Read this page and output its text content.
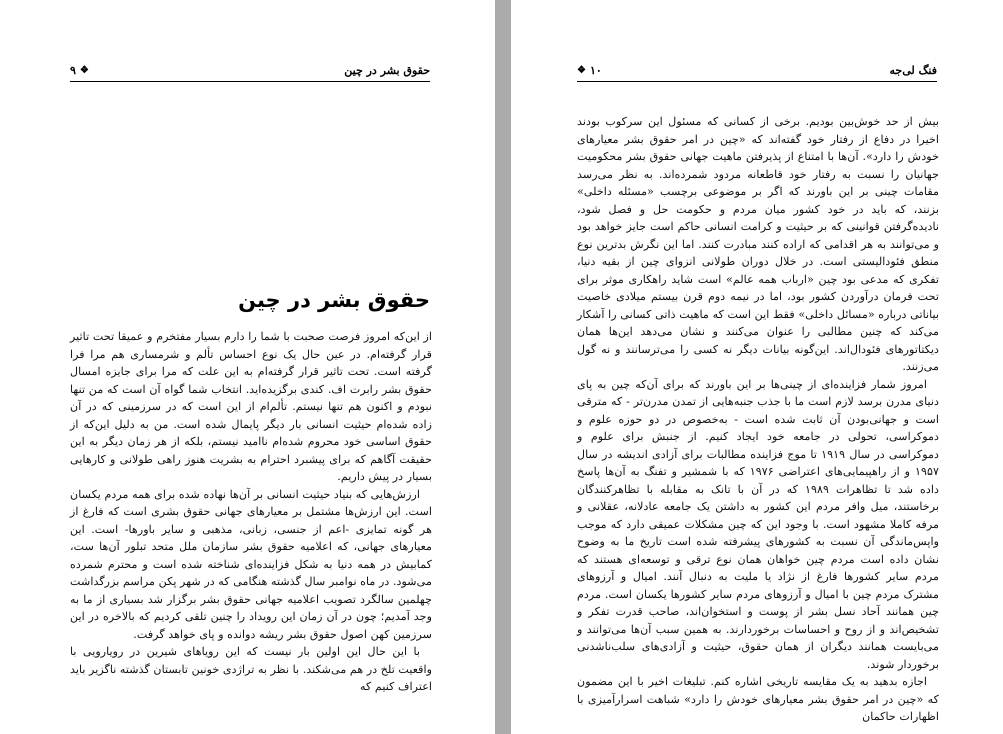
حقوق بشر در چین
۹ ❖
حقوق بشر در چین

از این‌که امروز فرصت صحبت با شما را دارم بسیار مفتخرم و عمیقا تحت تاثیر قرار گرفته‌ام. در عین حال یک نوع احساس تألم و شرمساری هم مرا فرا گرفته است. تحت تاثیر قرار گرفته‌ام به این علت که مرا برای جایزه امسال حقوق بشر رابرت اف. کندی برگزیده‌اید. انتخاب شما گواه آن است که من تنها نبودم و اکنون هم تنها نیستم. تألم‌ام از این است که در سرزمینی که در آن زاده شده‌ام حیثیت انسانی بار دیگر پایمال شده است. من به دلیل این‌که از حقوق اساسی خود محروم شده‌ام ناامید نیستم، بلکه از هر زمان دیگر به این حقیقت آگاهم که برای پیشبرد احترام به بشریت هنوز راهی طولانی و کارهایی بسیار در پیش داریم.

ارزش‌هایی که بنیاد حیثیت انسانی بر آن‌ها نهاده شده برای همه مردم یکسان است. این ارزش‌ها مشتمل بر معیارهای جهانی حقوق بشری است که فارغ از هر گونه تمایزی -اعم از جنسی، زبانی، مذهبی و سایر باورها- است. این معیارهای جهانی، که اعلامیه حقوق بشر سازمان ملل متحد تبلور آن‌ها ست، کمابیش در همه دنیا به شکل فزاینده‌ای شناخته شده است و محترم شمرده می‌شود. در ماه نوامبر سال گذشته هنگامی که در شهر پکن مراسم بزرگداشت چهلمین سالگرد تصویب اعلامیه جهانی حقوق بشر برگزار شد بسیاری از ما به وجد آمدیم؛ چون در آن زمان این رویداد را چنین تلقی کردیم که بالاخره در این سرزمین کهن اصول حقوق بشر ریشه دوانده و پای خواهد گرفت.

با این حال این اولین بار نیست که این رویاهای شیرین در رویارویی با واقعیت تلخ در هم می‌شکند. با نظر به تراژدی خونین تابستان گذشته ناگزیر باید اعتراف کنیم که

فنگ لی‌جه
❖ ۱۰

بیش از حد خوش‌بین بودیم. برخی از کسانی که مسئول این سرکوب بودند اخیرا در دفاع از رفتار خود گفته‌اند که «چین در امر حقوق بشر معیارهای خودش را دارد». آن‌ها با امتناع از پذیرفتن ماهیت جهانی حقوق بشر محکومیت جهانیان را نسبت به رفتار خود قاطعانه مردود شمرده‌اند. به نظر می‌رسد مقامات چینی بر این باورند که اگر بر موضوعی برچسب «مسئله داخلی» بزنند، که باید در خود کشور میان مردم و حکومت حل و فصل شود، نادیده‌گرفتن قوانینی که بر حیثیت و کرامت انسانی حاکم است جایز خواهد بود و می‌توانند به هر اقدامی که اراده کنند مبادرت کنند. اما این نگرش بدترین نوع منطق فئودالیستی است. در خلال دوران طولانی انزوای چین از بقیه دنیا، تفکری که مدعی بود چین «ارباب همه عالم» است شاید راهکاری موثر برای تحت فرمان درآوردن کشور بود، اما در نیمه دوم قرن بیستم میلادی خاصیت بیاناتی درباره «مسائل داخلی» فقط این است که ماهیت ذاتی کسانی را آشکار می‌کند که چنین مطالبی را عنوان می‌کنند و نشان می‌دهد این‌ها همان دیکتاتورهای فئودال‌اند. این‌گونه بیانات دیگر نه کسی را می‌ترسانند و نه گول می‌زنند.

امروز شمار فزاینده‌ای از چینی‌ها بر این باورند که برای آن‌که چین به پای دنیای مدرن برسد لازم است ما با جذب جنبه‌هایی از تمدن مدرن‌تر - که مترقی است و جهانی‌بودن آن ثابت شده است - به‌خصوص در دو حوزه علوم و دموکراسی، تحولی در جامعه خود ایجاد کنیم. از جنبش برای علوم و دموکراسی در سال ۱۹۱۹ تا موج فزاینده مطالبات برای آزادی اندیشه در سال ۱۹۵۷ و از راهپیمایی‌های اعتراضی ۱۹۷۶ که با شمشیر و تفنگ به آن‌ها پاسخ داده شد تا تظاهرات ۱۹۸۹ که در آن با تانک به مقابله با تظاهرکنندگان برخاستند، میل وافر مردم این کشور به داشتن یک جامعه عادلانه، عقلانی و مرفه کاملا مشهود است. با وجود این که چین مشکلات عمیقی دارد که موجب واپس‌ماندگی آن نسبت به کشورهای پیشرفته شده است تاریخ ما به وضوح نشان داده است مردم چین خواهان همان نوع ترقی و توسعه‌ای هستند که مردم سایر کشورها فارغ از نژاد یا ملیت به دنبال آنند. امیال و آرزوهای مشترک مردم چین با امیال و آرزوهای مردم سایر کشورها یکسان است. مردم چین همانند آحاد نسل بشر از پوست و استخوان‌اند، صاحب قدرت تفکر و تشخیص‌اند و از روح و احساسات برخوردارند. به همین سبب آن‌ها می‌توانند و می‌بایست همانند دیگران از همان حقوق، حیثیت و آزادی‌های سلب‌ناشدنی برخوردار شوند.

اجازه بدهید به یک مقایسه تاریخی اشاره کنم. تبلیغات اخیر با این مضمون که «چین در امر حقوق بشر معیارهای خودش را دارد» شباهت اسرارآمیزی با اظهارات حاکمان
